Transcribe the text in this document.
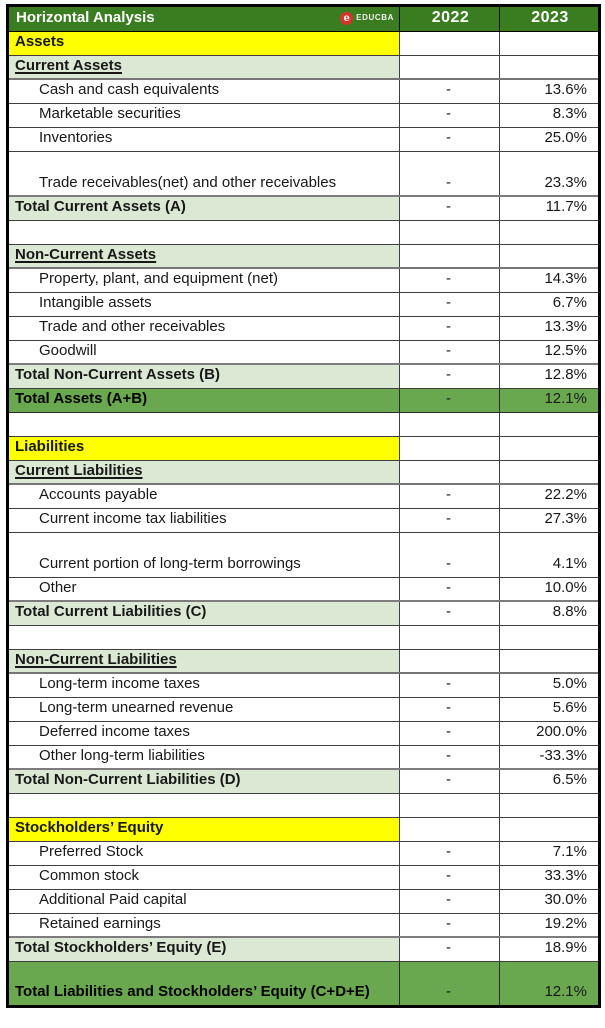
Horizontal Analysis e EDUCBA	2022	2023
Assets		
Current Assets		
Cash and cash equivalents	-	13.6%
Marketable securities	-	8.3%
Inventories	-	25.0%
Trade receivables(net) and other receivables	-	23.3%
Total Current Assets (A)	-	11.7%

Non-Current Assets		
Property, plant, and equipment (net)	-	14.3%
Intangible assets	-	6.7%
Trade and other receivables	-	13.3%
Goodwill	-	12.5%
Total Non-Current Assets (B)	-	12.8%
Total Assets (A+B)	-	12.1%

Liabilities		
Current Liabilities		
Accounts payable	-	22.2%
Current income tax liabilities	-	27.3%
Current portion of long-term borrowings	-	4.1%
Other	-	10.0%
Total Current Liabilities (C)	-	8.8%

Non-Current Liabilities		
Long-term income taxes	-	5.0%
Long-term unearned revenue	-	5.6%
Deferred income taxes	-	200.0%
Other long-term liabilities	-	-33.3%
Total Non-Current Liabilities (D)	-	6.5%

Stockholders’ Equity		
Preferred Stock	-	7.1%
Common stock	-	33.3%
Additional Paid capital	-	30.0%
Retained earnings	-	19.2%
Total Stockholders’ Equity (E)	-	18.9%
Total Liabilities and Stockholders’ Equity (C+D+E)	-	12.1%
